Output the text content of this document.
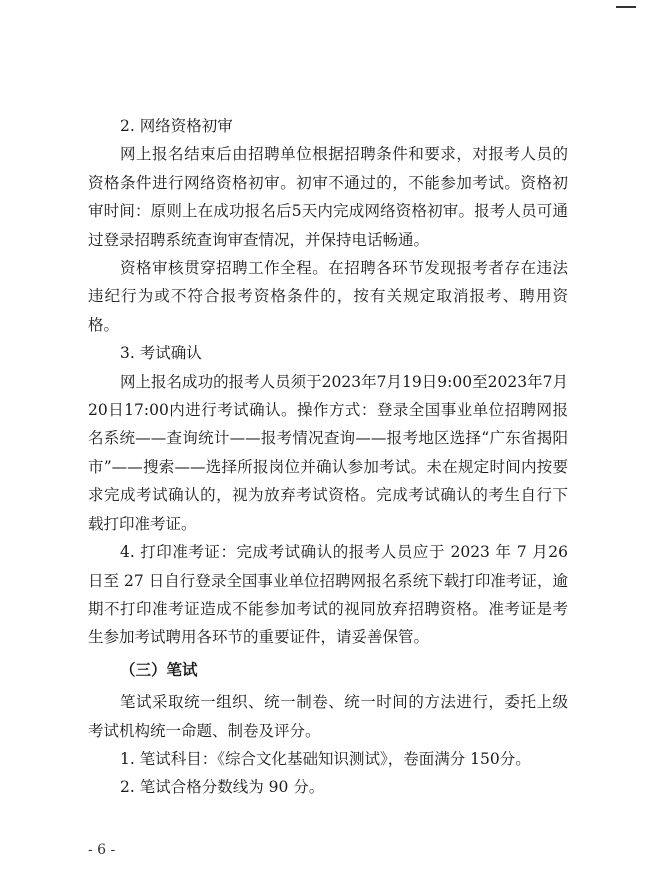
2. 网络资格初审

网上报名结束后由招聘单位根据招聘条件和要求，对报考人员的资格条件进行网络资格初审。初审不通过的，不能参加考试。资格初审时间：原则上在成功报名后5天内完成网络资格初审。报考人员可通过登录招聘系统查询审查情况，并保持电话畅通。

资格审核贯穿招聘工作全程。在招聘各环节发现报考者存在违法违纪行为或不符合报考资格条件的，按有关规定取消报考、聘用资格。

3. 考试确认

网上报名成功的报考人员须于2023年7月19日9:00至2023年7月20日17:00内进行考试确认。操作方式：登录全国事业单位招聘网报名系统——查询统计——报考情况查询——报考地区选择“广东省揭阳市”——搜索——选择所报岗位并确认参加考试。未在规定时间内按要求完成考试确认的，视为放弃考试资格。完成考试确认的考生自行下载打印准考证。

4. 打印准考证：完成考试确认的报考人员应于 2023 年 7 月26 日至 27 日自行登录全国事业单位招聘网报名系统下载打印准考证，逾期不打印准考证造成不能参加考试的视同放弃招聘资格。准考证是考生参加考试聘用各环节的重要证件，请妥善保管。

（三）笔试

笔试采取统一组织、统一制卷、统一时间的方法进行，委托上级考试机构统一命题、制卷及评分。

1. 笔试科目：《综合文化基础知识测试》，卷面满分 150分。

2. 笔试合格分数线为 90 分。

- 6 -
